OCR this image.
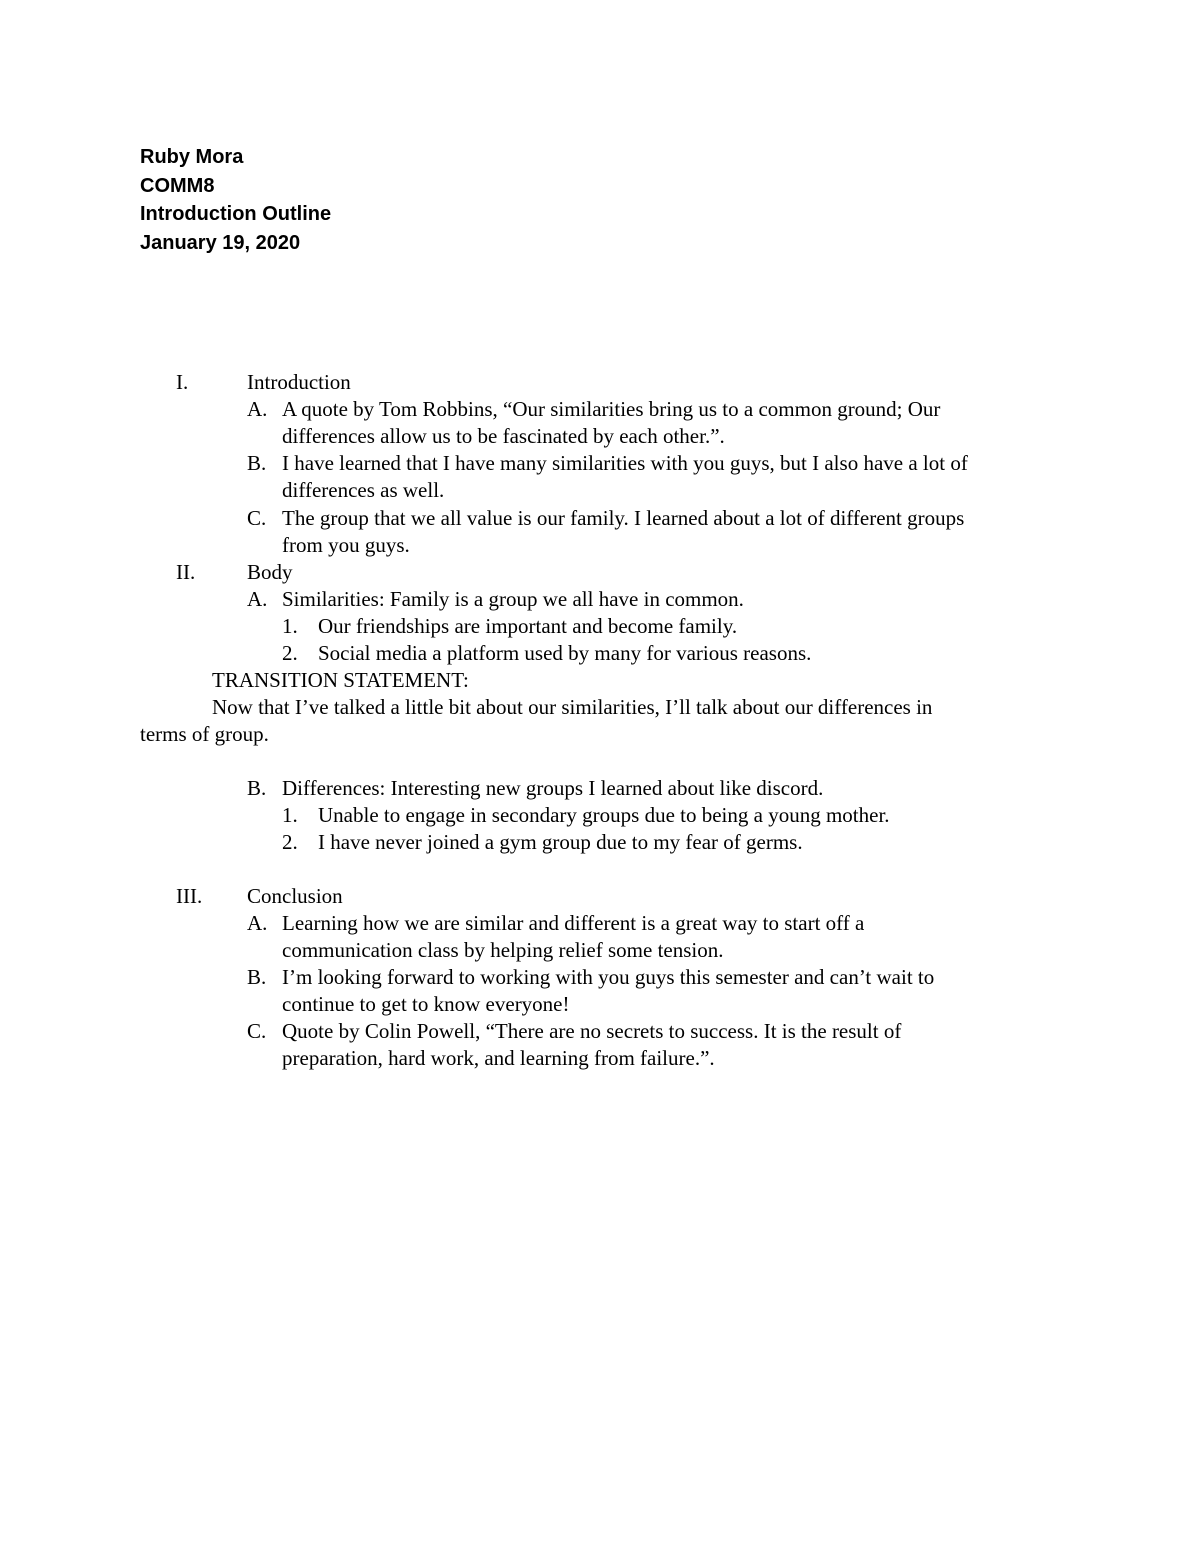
Ruby Mora
COMM8
Introduction Outline
January 19, 2020
I.	Introduction
A. A quote by Tom Robbins, “Our similarities bring us to a common ground; Our
differences allow us to be fascinated by each other.”.
B. I have learned that I have many similarities with you guys, but I also have a lot of
differences as well.
C. The group that we all value is our family. I learned about a lot of different groups
from you guys.
II. Body
A. Similarities: Family is a group we all have in common.
1. Our friendships are important and become family.
2. Social media a platform used by many for various reasons.
TRANSITION STATEMENT:
Now that I’ve talked a little bit about our similarities, I’ll talk about our differences in
terms of group.
B. Differences: Interesting new groups I learned about like discord.
1. Unable to engage in secondary groups due to being a young mother.
2. I have never joined a gym group due to my fear of germs.
III. Conclusion
A. Learning how we are similar and different is a great way to start off a
communication class by helping relief some tension.
B. I’m looking forward to working with you guys this semester and can’t wait to
continue to get to know everyone!
C. Quote by Colin Powell, “There are no secrets to success. It is the result of
preparation, hard work, and learning from failure.”.
